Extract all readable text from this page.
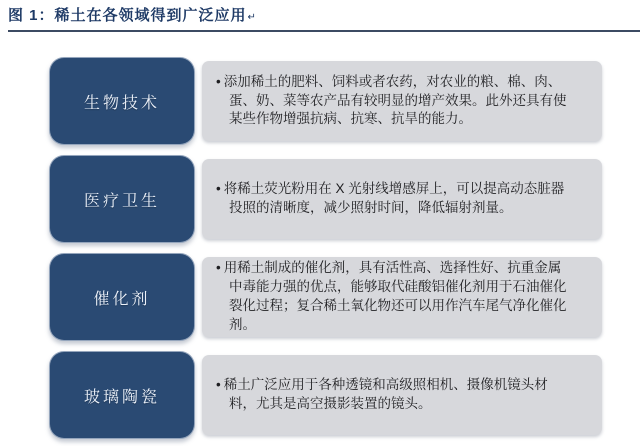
图 1：稀土在各领域得到广泛应用↵
生物技术

• 添加稀土的肥料、饲料或者农药，对农业的粮、棉、肉、蛋、奶、菜等农产品有较明显的增产效果。此外还具有使某些作物增强抗病、抗寒、抗旱的能力。

医疗卫生

• 将稀土荧光粉用在 X 光射线增感屏上，可以提高动态脏器投照的清晰度，减少照射时间，降低辐射剂量。

催化剂

• 用稀土制成的催化剂，具有活性高、选择性好、抗重金属中毒能力强的优点，能够取代硅酸铝催化剂用于石油催化裂化过程；复合稀土氧化物还可以用作汽车尾气净化催化剂。

玻璃陶瓷

• 稀土广泛应用于各种透镜和高级照相机、摄像机镜头材料，尤其是高空摄影装置的镜头。
